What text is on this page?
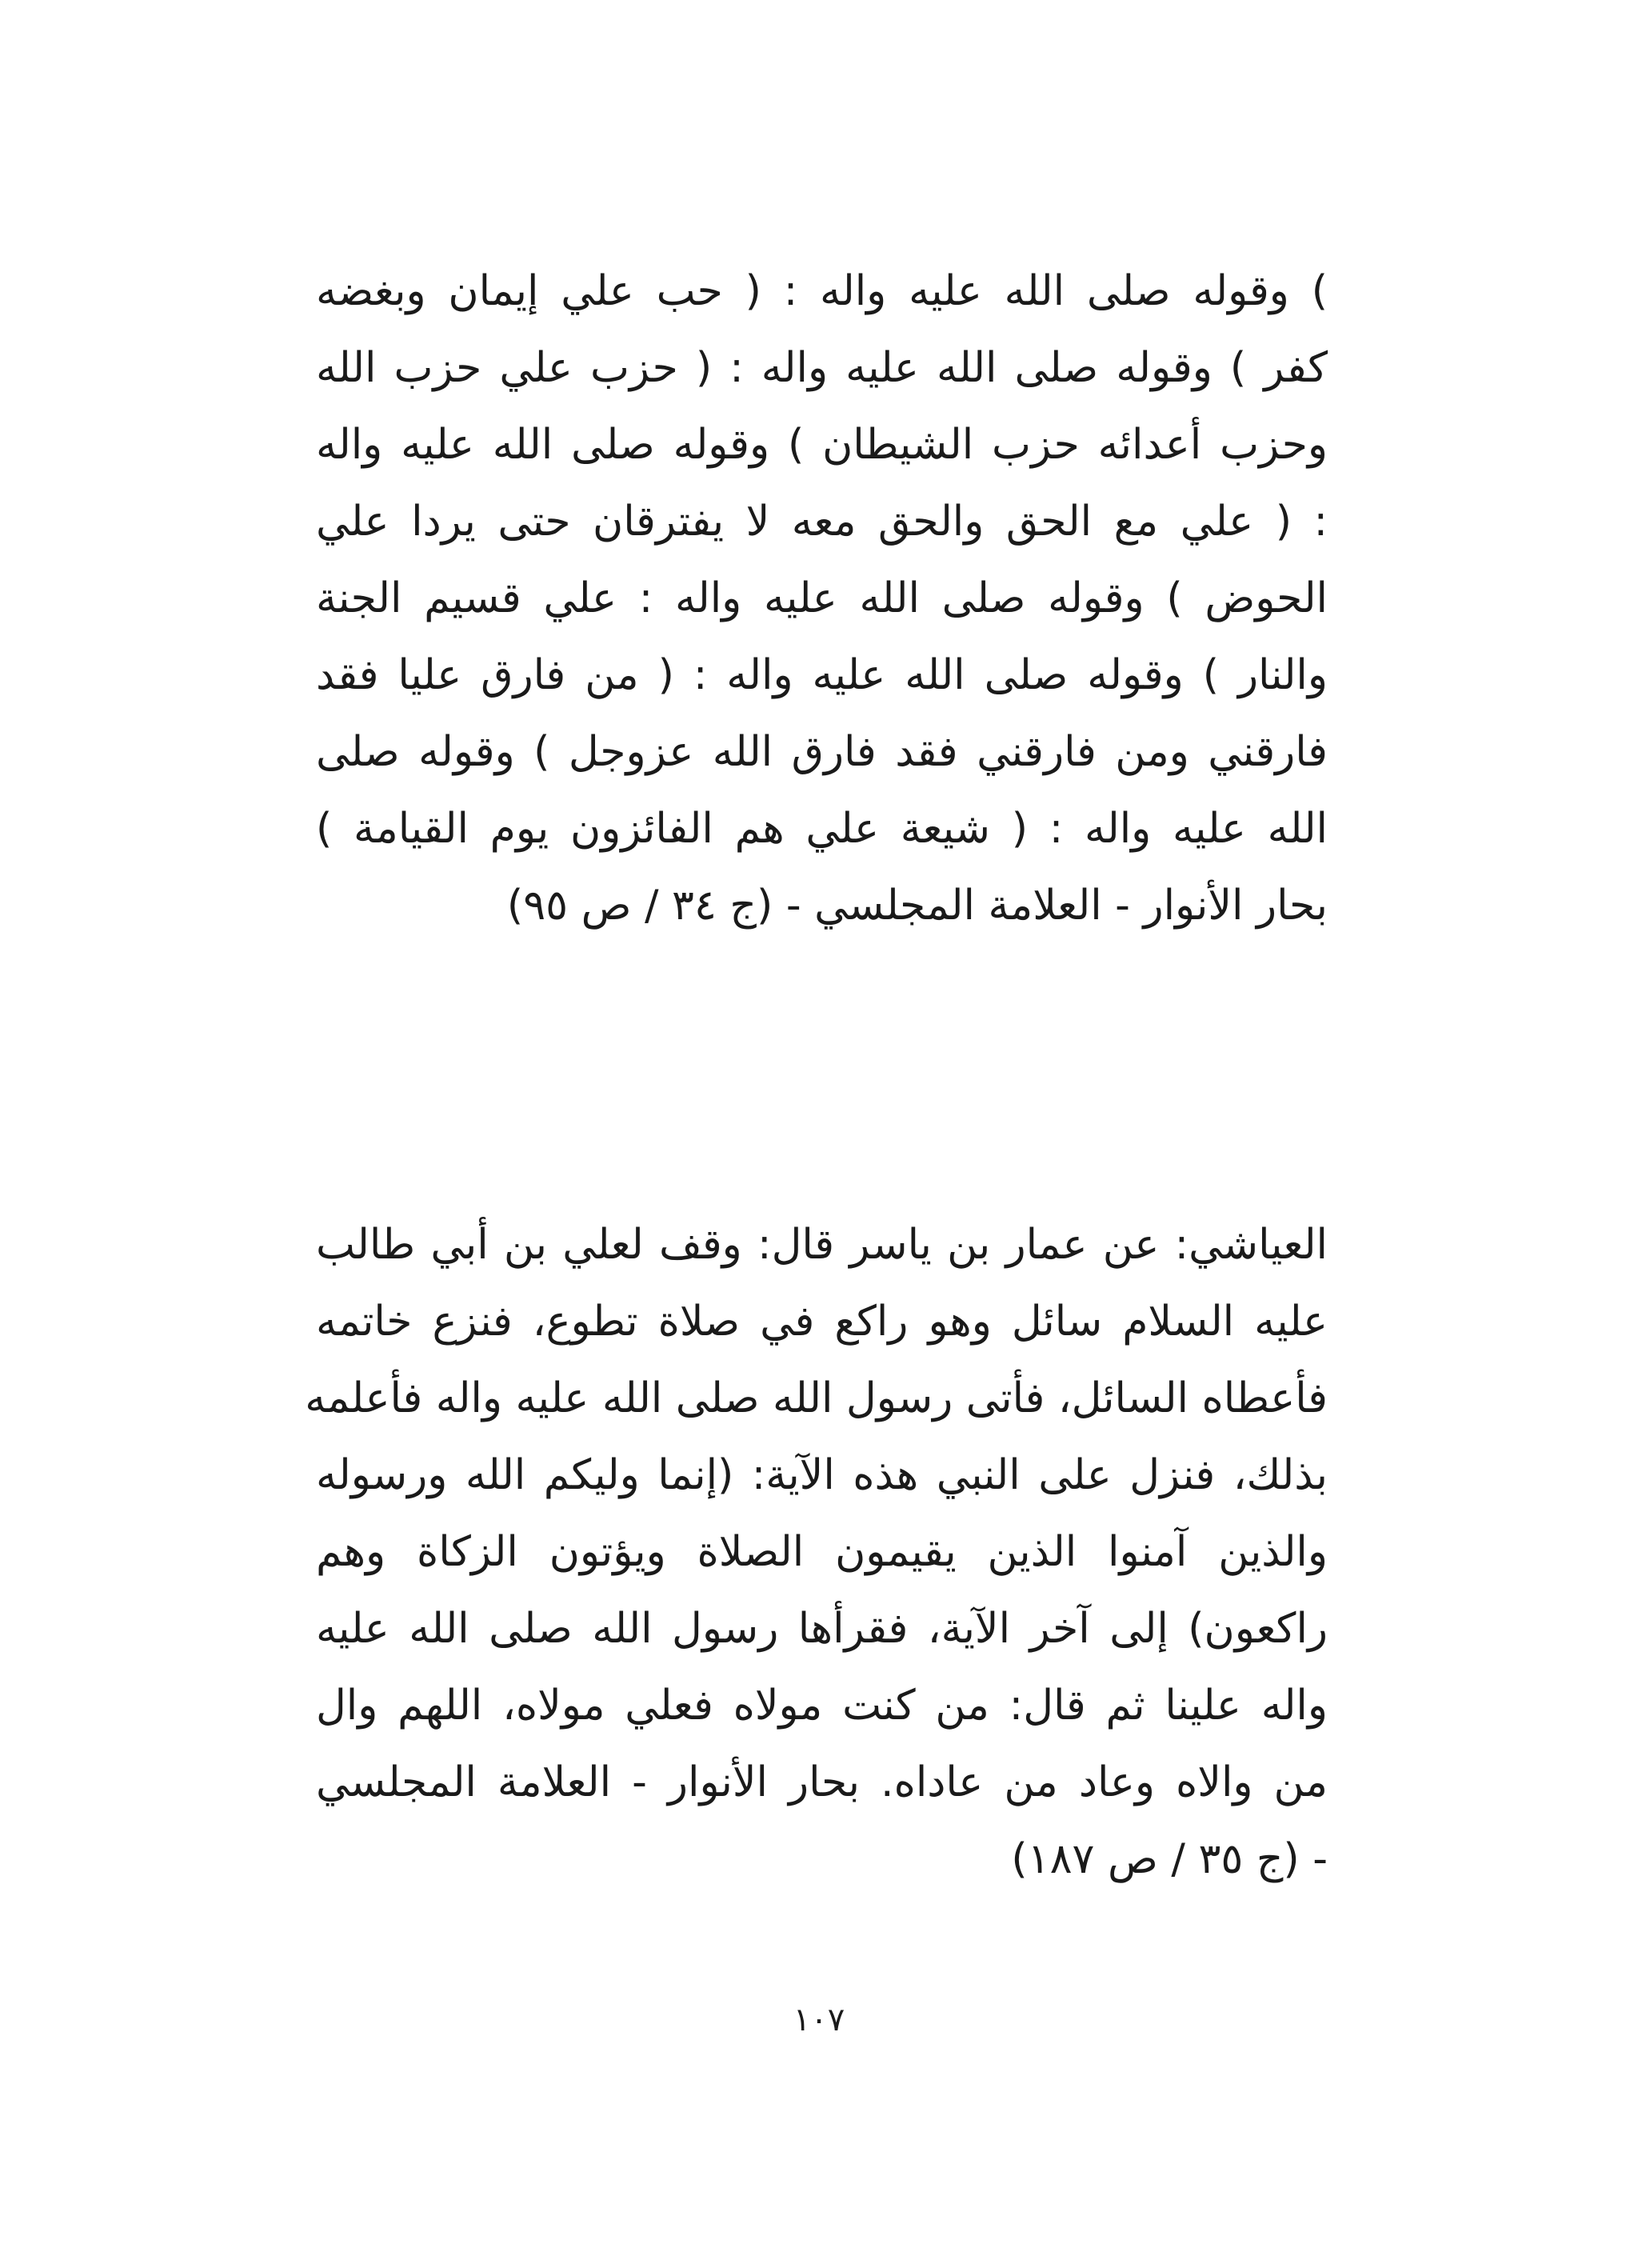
) وقوله صلى الله عليه واله : ( حب علي إيمان وبغضه
كفر ) وقوله صلى الله عليه واله : ( حزب علي حزب الله
وحزب أعدائه حزب الشيطان ) وقوله صلى الله عليه واله
: ( علي مع الحق والحق معه لا يفترقان حتى يردا علي
الحوض ) وقوله صلى الله عليه واله : علي قسيم الجنة
والنار ) وقوله صلى الله عليه واله : ( من فارق عليا فقد
فارقني ومن فارقني فقد فارق الله عزوجل ) وقوله صلى
الله عليه واله : ( شيعة علي هم الفائزون يوم القيامة )
بحار الأنوار - العلامة المجلسي - (ج ٣٤ / ص ٩٥)
العياشي: عن عمار بن ياسر قال: وقف لعلي بن أبي طالب
عليه السلام سائل وهو راكع في صلاة تطوع، فنزع خاتمه
فأعطاه السائل، فأتى رسول الله صلى الله عليه واله فأعلمه
بذلك، فنزل على النبي هذه الآية: (إنما وليكم الله ورسوله
والذين آمنوا الذين يقيمون الصلاة ويؤتون الزكاة وهم
راكعون) إلى آخر الآية، فقرأها رسول الله صلى الله عليه
واله علينا ثم قال: من كنت مولاه فعلي مولاه، اللهم وال
من والاه وعاد من عاداه. بحار الأنوار - العلامة المجلسي
- (ج ٣٥ / ص ١٨٧)
١٠٧
